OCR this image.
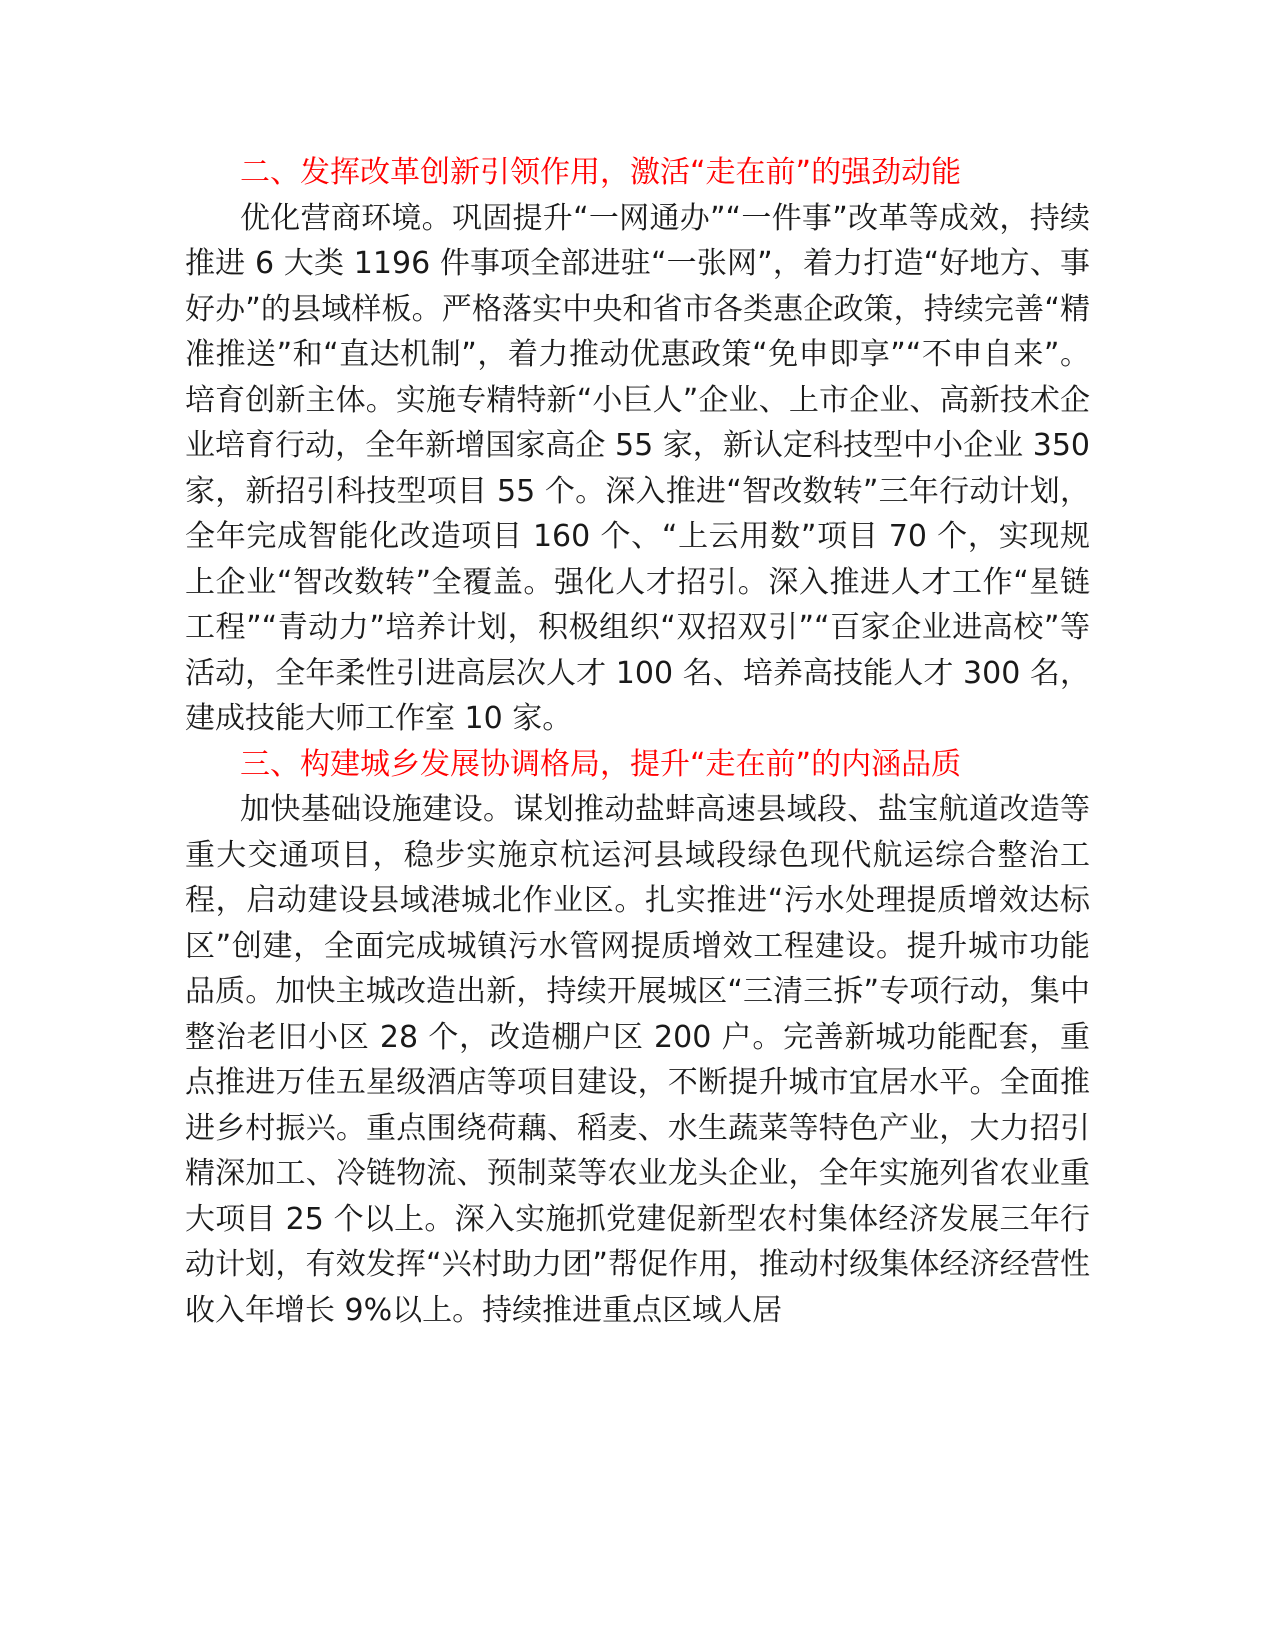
二、发挥改革创新引领作用，激活“走在前”的强劲动能

优化营商环境。巩固提升“一网通办”“一件事”改革等成效，持续推进 6 大类 1196 件事项全部进驻“一张网”，着力打造“好地方、事好办”的县域样板。严格落实中央和省市各类惠企政策，持续完善“精准推送”和“直达机制”，着力推动优惠政策“免申即享”“不申自来”。培育创新主体。实施专精特新“小巨人”企业、上市企业、高新技术企业培育行动，全年新增国家高企 55 家，新认定科技型中小企业 350 家，新招引科技型项目 55 个。深入推进“智改数转”三年行动计划，全年完成智能化改造项目 160 个、“上云用数”项目 70 个，实现规上企业“智改数转”全覆盖。强化人才招引。深入推进人才工作“星链工程”“青动力”培养计划，积极组织“双招双引”“百家企业进高校”等活动，全年柔性引进高层次人才 100 名、培养高技能人才 300 名，建成技能大师工作室 10 家。

三、构建城乡发展协调格局，提升“走在前”的内涵品质

加快基础设施建设。谋划推动盐蚌高速县域段、盐宝航道改造等重大交通项目，稳步实施京杭运河县域段绿色现代航运综合整治工程，启动建设县域港城北作业区。扎实推进“污水处理提质增效达标区”创建，全面完成城镇污水管网提质增效工程建设。提升城市功能品质。加快主城改造出新，持续开展城区“三清三拆”专项行动，集中整治老旧小区 28 个，改造棚户区 200 户。完善新城功能配套，重点推进万佳五星级酒店等项目建设，不断提升城市宜居水平。全面推进乡村振兴。重点围绕荷藕、稻麦、水生蔬菜等特色产业，大力招引精深加工、冷链物流、预制菜等农业龙头企业，全年实施列省农业重大项目 25 个以上。深入实施抓党建促新型农村集体经济发展三年行动计划，有效发挥“兴村助力团”帮促作用，推动村级集体经济经营性收入年增长 9%以上。持续推进重点区域人居
